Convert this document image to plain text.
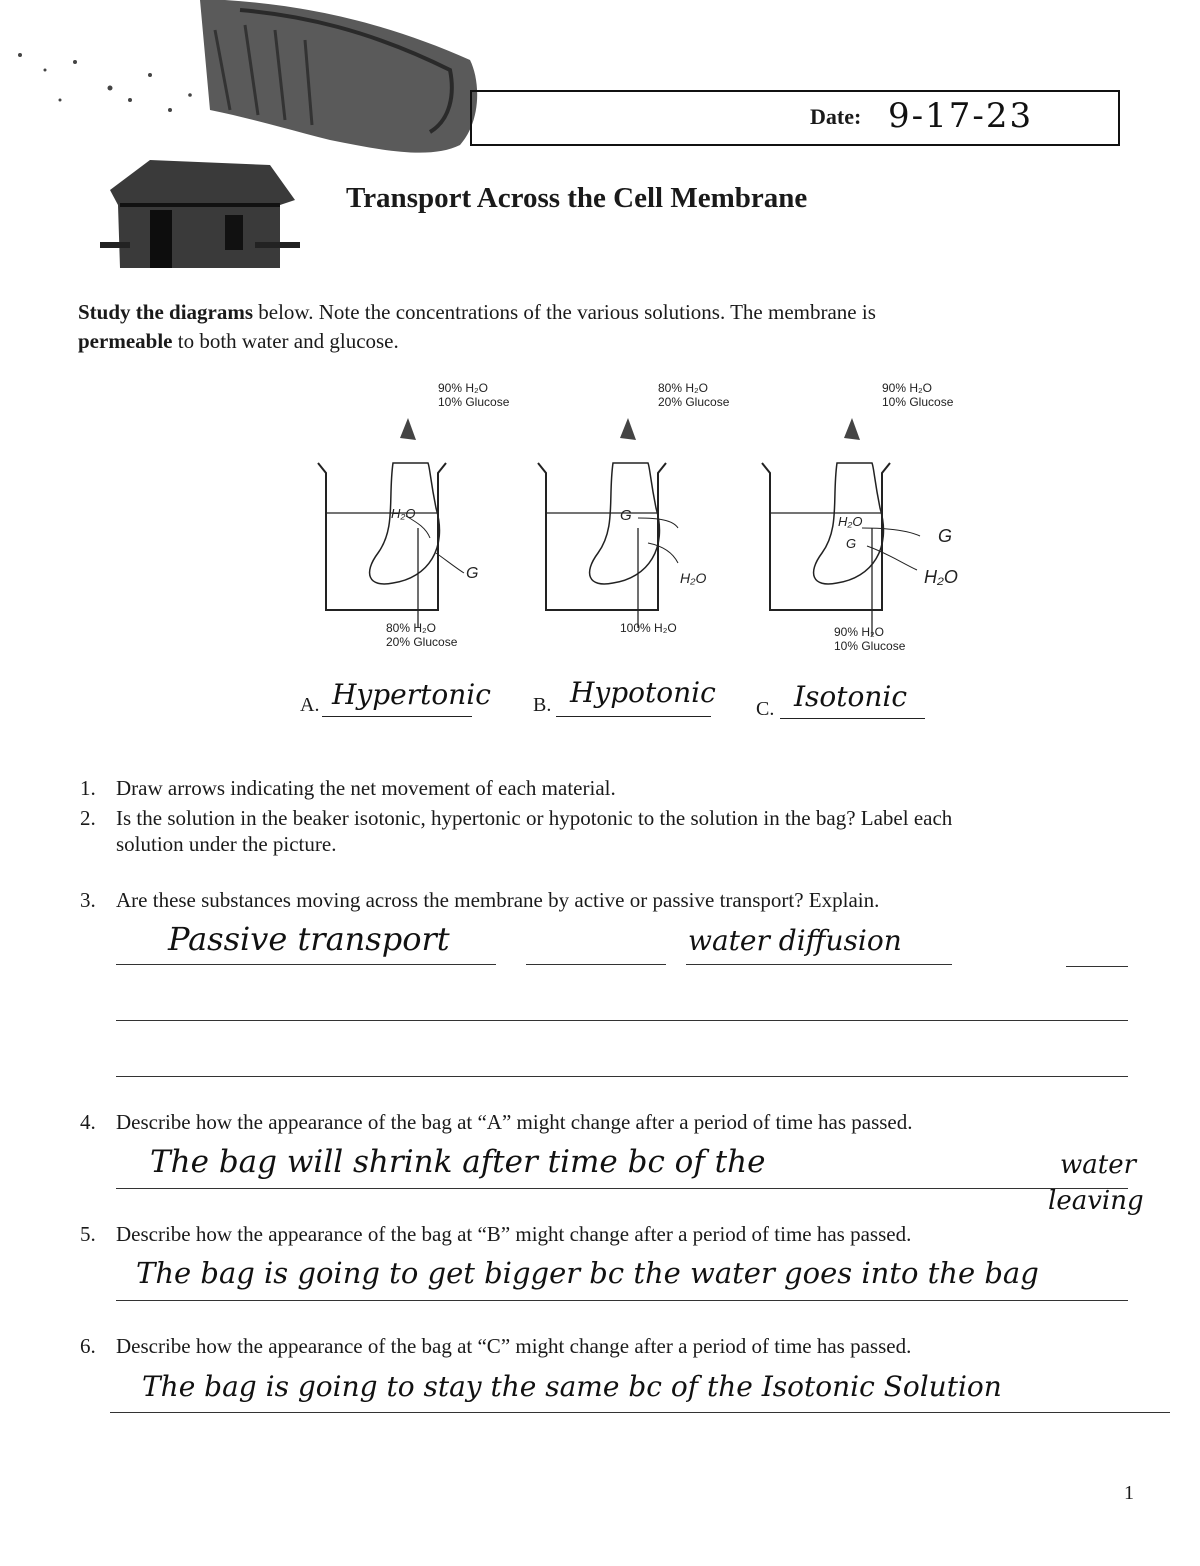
Date: 9-17-23
Transport Across the Cell Membrane
Study the diagrams below. Note the concentrations of the various solutions. The membrane is
permeable to both water and glucose.
90% H₂O
10% Glucose
H₂O
G
80% H₂O
20% Glucose
80% H₂O
20% Glucose
G
H₂O
100% H₂O
90% H₂O
10% Glucose
H₂O
G	G
H₂O
90% H₂O
10% Glucose
A. Hypertonic B. Hypotonic C. Isotonic
1. Draw arrows indicating the net movement of each material.
2. Is the solution in the beaker isotonic, hypertonic or hypotonic to the solution in the bag? Label each
solution under the picture.
3. Are these substances moving across the membrane by active or passive transport? Explain.
Passive transport	water diffusion
4. Describe how the appearance of the bag at “A” might change after a period of time has passed.
The bag will shrink after time bc of the	water
leaving
5. Describe how the appearance of the bag at “B” might change after a period of time has passed.
The bag is going to get bigger bc the water goes into the bag
6. Describe how the appearance of the bag at “C” might change after a period of time has passed.
The bag is going to stay the same bc of the Isotonic Solution
1
